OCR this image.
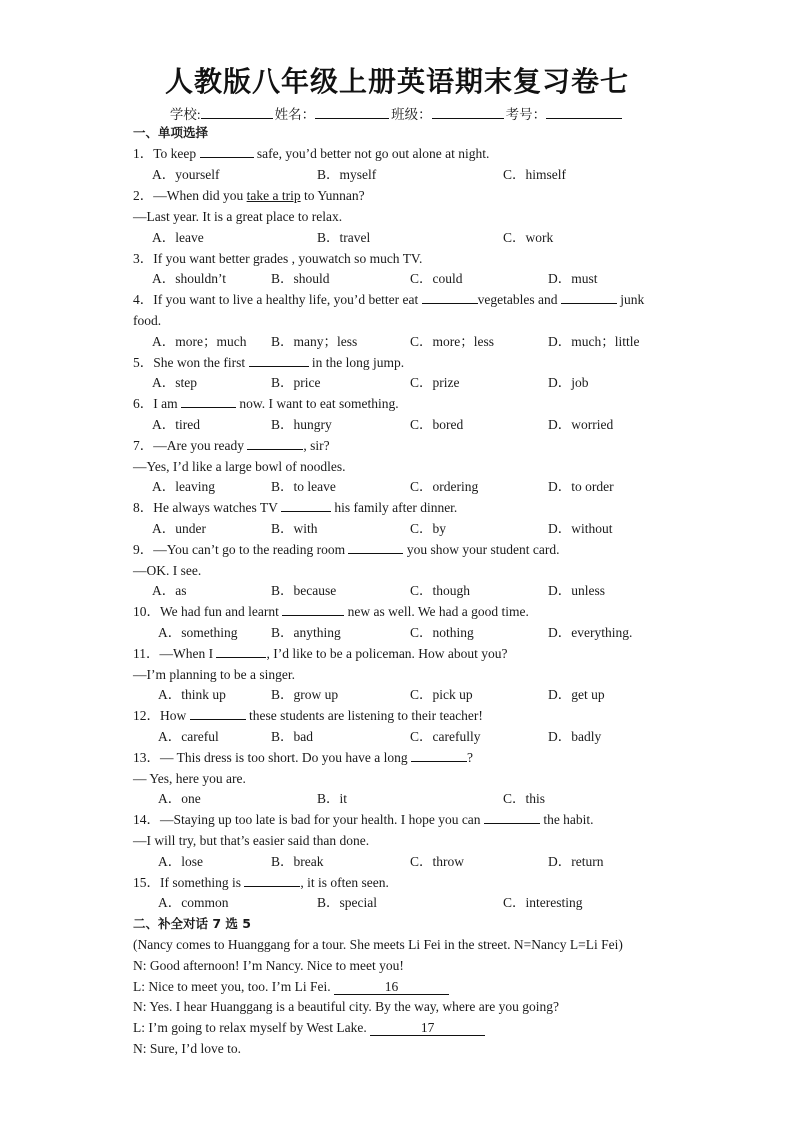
人教版八年级上册英语期末复习卷七
学校:	姓名：	班级：	考号：
一、单项选择
1．To keep	safe, you’d better not go out alone at night.
A．yourself	B．myself	C．himself
2．—When did you take a trip to Yunnan?
—Last year. It is a great place to relax.
A．leave	B．travel	C．work
3．If you want better grades , youwatch so much TV.
A．shouldn’t	B．should	C．could	D．must
4．If you want to live a healthy life, you’d better eat	vegetables and	junk
food.
A．more；much B．many；less	C．more；less	D．much；little
5．She won the first	in the long jump.
A．step	B．price	C．prize	D．job
6．I am	now. I want to eat something.
A．tired	B．hungry	C．bored	D．worried
7．—Are you ready	, sir?
—Yes, I’d like a large bowl of noodles.
A．leaving	B．to leave	C．ordering	D．to order
8．He always watches TV	his family after dinner.
A．under	B．with	C．by	D．without
9．—You can’t go to the reading room	you show your student card.
—OK. I see.
A．as	B．because	C．though	D．unless
10．We had fun and learnt	new as well. We had a good time.
A．something B．anything	C．nothing	D．everything.
11．—When I	, I’d like to be a policeman. How about you?
—I’m planning to be a singer.
A．think up	B．grow up	C．pick up	D．get up
12．How	these students are listening to their teacher!
A．careful	B．bad	C．carefully	D．badly
13．— This dress is too short. Do you have a long	?
— Yes, here you are.
A．one	B．it	C．this
14．—Staying up too late is bad for your health. I hope you can	the habit.
—I will try, but that’s easier said than done.
A．lose	B．break	C．throw	D．return
15．If something is	, it is often seen.
A．common	B．special	C．interesting
二、补全对话 7 选 5
(Nancy comes to Huanggang for a tour. She meets Li Fei in the street. N=Nancy L=Li Fei)
N: Good afternoon! I’m Nancy. Nice to meet you!
L: Nice to meet you, too. I’m Li Fei.	16
N: Yes. I hear Huanggang is a beautiful city. By the way, where are you going?
L: I’m going to relax myself by West Lake.	17
N: Sure, I’d love to.
